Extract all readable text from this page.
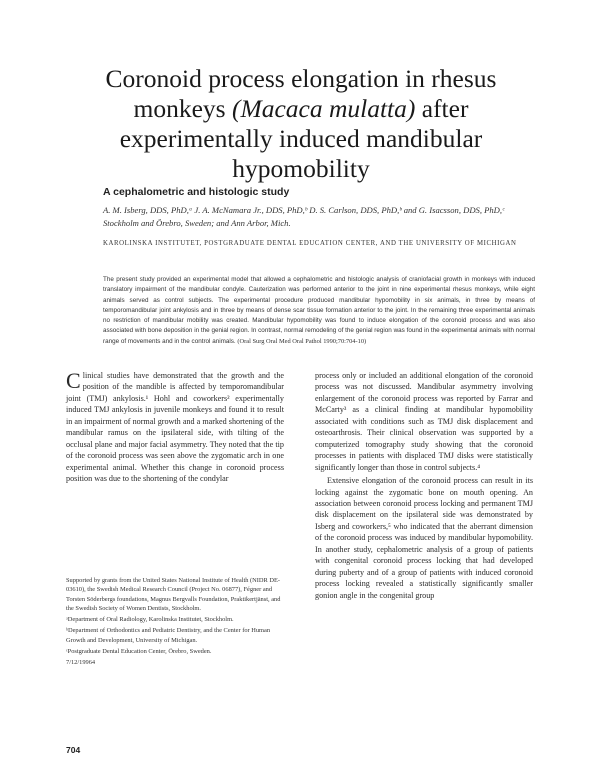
Coronoid process elongation in rhesus monkeys (Macaca mulatta) after experimentally induced mandibular hypomobility
A cephalometric and histologic study
A. M. Isberg, DDS, PhD,ᵃ J. A. McNamara Jr., DDS, PhD,ᵇ D. S. Carlson, DDS, PhD,ᵇ and G. Isacsson, DDS, PhD,ᶜ Stockholm and Örebro, Sweden; and Ann Arbor, Mich.
KAROLINSKA INSTITUTET, POSTGRADUATE DENTAL EDUCATION CENTER, AND THE UNIVERSITY OF MICHIGAN
The present study provided an experimental model that allowed a cephalometric and histologic analysis of craniofacial growth in monkeys with induced translatory impairment of the mandibular condyle. Cauterization was performed anterior to the joint in nine experimental rhesus monkeys, while eight animals served as control subjects. The experimental procedure produced mandibular hypomobility in six animals, in three by means of temporomandibular joint ankylosis and in three by means of dense scar tissue formation anterior to the joint. In the remaining three experimental animals no restriction of mandibular mobility was created. Mandibular hypomobility was found to induce elongation of the coronoid process and was also associated with bone deposition in the genial region. In contrast, normal remodeling of the genial region was found in the experimental animals with normal range of movements and in the control animals. (Oral Surg Oral Med Oral Pathol 1990;70:704-10)

Clinical studies have demonstrated that the growth and the position of the mandible is affected by temporomandibular joint (TMJ) ankylosis.¹ Hohl and coworkers² experimentally induced TMJ ankylosis in juvenile monkeys and found it to result in an impairment of normal growth and a marked shortening of the mandibular ramus on the ipsilateral side, with tilting of the occlusal plane and major facial asymmetry. They noted that the tip of the coronoid process was seen above the zygomatic arch in one experimental animal. Whether this change in coronoid process position was due to the shortening of the condylar

Supported by grants from the United States National Institute of Health (NIDR DE-03610), the Swedish Medical Research Council (Project No. 06877), Fégner and Torsten Söderbergs foundations, Magnus Bergvalls Foundation, Praktikertjänst, and the Swedish Society of Women Dentists, Stockholm.

ᵃDepartment of Oral Radiology, Karolinska Institutet, Stockholm.

ᵇDepartment of Orthodontics and Pediatric Dentistry, and the Center for Human Growth and Development, University of Michigan.

ᶜPostgraduate Dental Education Center, Örebro, Sweden.

7/12/19964

process only or included an additional elongation of the coronoid process was not discussed. Mandibular asymmetry involving enlargement of the coronoid process was reported by Farrar and McCarty³ as a clinical finding at mandibular hypomobility associated with conditions such as TMJ disk displacement and osteoarthrosis. Their clinical observation was supported by a computerized tomography study showing that the coronoid processes in patients with displaced TMJ disks were statistically significantly longer than those in control subjects.⁴

Extensive elongation of the coronoid process can result in its locking against the zygomatic bone on mouth opening. An association between coronoid process locking and permanent TMJ disk displacement on the ipsilateral side was demonstrated by Isberg and coworkers,⁵ who indicated that the aberrant dimension of the coronoid process was induced by mandibular hypomobility. In another study, cephalometric analysis of a group of patients with congenital coronoid process locking that had developed during puberty and of a group of patients with induced coronoid process locking revealed a statistically significantly smaller gonion angle in the congenital group

704
